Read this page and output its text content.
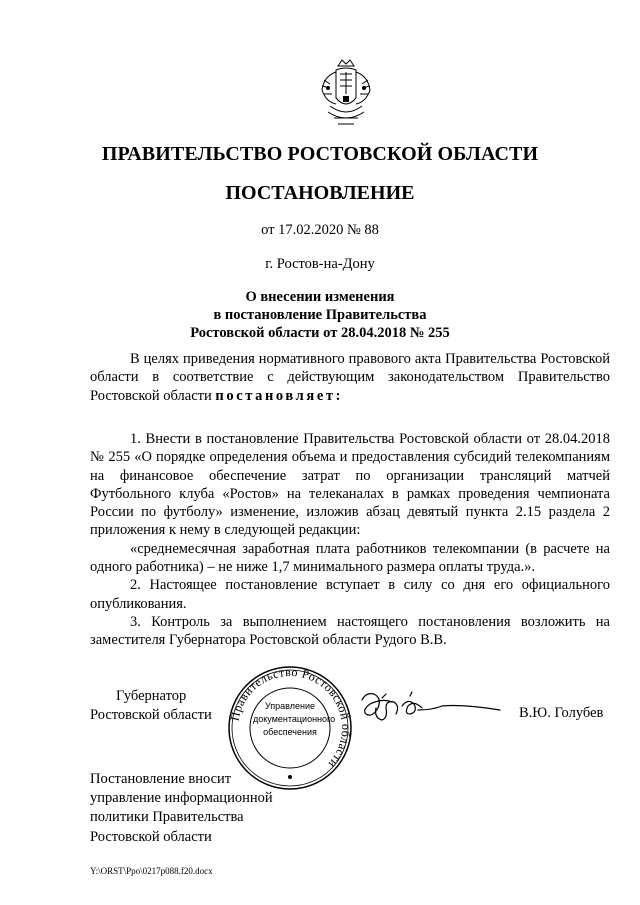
ПРАВИТЕЛЬСТВО РОСТОВСКОЙ ОБЛАСТИ
ПОСТАНОВЛЕНИЕ
от 17.02.2020 № 88
г. Ростов-на-Дону
О внесении изменения
в постановление Правительства
Ростовской области от 28.04.2018 № 255

В целях приведения нормативного правового акта Правительства Ростовской области в соответствие с действующим законодательством Правительство Ростовской области постановляет:

1. Внести в постановление Правительства Ростовской области от 28.04.2018 № 255 «О порядке определения объема и предоставления субсидий телекомпаниям на финансовое обеспечение затрат по организации трансляций матчей Футбольного клуба «Ростов» на телеканалах в рамках проведения чемпионата России по футболу» изменение, изложив абзац девятый пункта 2.15 раздела 2 приложения к нему в следующей редакции:

«среднемесячная заработная плата работников телекомпании (в расчете на одного работника) – не ниже 1,7 минимального размера оплаты труда.».

2. Настоящее постановление вступает в силу со дня его официального опубликования.

3. Контроль за выполнением настоящего постановления возложить на заместителя Губернатора Ростовской области Рудого В.В.

Губернатор
Ростовской области Правительство Ростовской области
Управление
документационного
обеспечения
В.Ю. Голубев
Постановление вносит
управление информационной
политики Правительства
Ростовской области
Y:\ORST\Ppo\0217p088.f20.docx
